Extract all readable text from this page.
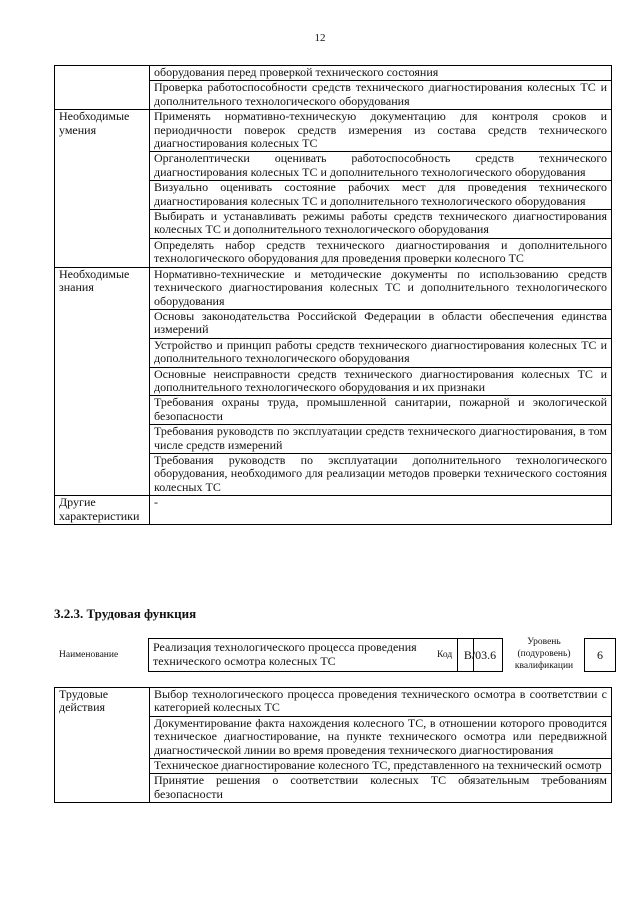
12
	оборудования перед проверкой технического состояния
	Проверка работоспособности средств технического диагностирования колесных ТС и дополнительного технологического оборудования
Необходимые умения	Применять нормативно-техническую документацию для контроля сроков и периодичности поверок средств измерения из состава средств технического диагностирования колесных ТС
	Органолептически оценивать работоспособность средств технического диагностирования колесных ТС и дополнительного технологического оборудования
	Визуально оценивать состояние рабочих мест для проведения технического диагностирования колесных ТС и дополнительного технологического оборудования
	Выбирать и устанавливать режимы работы средств технического диагностирования колесных ТС и дополнительного технологического оборудования
	Определять набор средств технического диагностирования и дополнительного технологического оборудования для проведения проверки колесного ТС
Необходимые знания	Нормативно-технические и методические документы по использованию средств технического диагностирования колесных ТС и дополнительного технологического оборудования
	Основы законодательства Российской Федерации в области обеспечения единства измерений
	Устройство и принцип работы средств технического диагностирования колесных ТС и дополнительного технологического оборудования
	Основные неисправности средств технического диагностирования колесных ТС и дополнительного технологического оборудования и их признаки
	Требования охраны труда, промышленной санитарии, пожарной и экологической безопасности
	Требования руководств по эксплуатации средств технического диагностирования, в том числе средств измерений
	Требования руководств по эксплуатации дополнительного технологического оборудования, необходимого для реализации методов проверки технического состояния колесных ТС
Другие характеристики	-
3.2.3. Трудовая функция
Наименование
Реализация технологического процесса проведения технического осмотра колесных ТС	Код B/03.6
Уровень (подуровень) квалификации
6
Трудовые действия	Выбор технологического процесса проведения технического осмотра в соответствии с категорией колесных ТС
Документирование факта нахождения колесного ТС, в отношении которого проводится техническое диагностирование, на пункте технического осмотра или передвижной диагностической линии во время проведения технического диагностирования
Техническое диагностирование колесного ТС, представленного на технический осмотр
Принятие решения о соответствии колесных ТС обязательным требованиям безопасности
